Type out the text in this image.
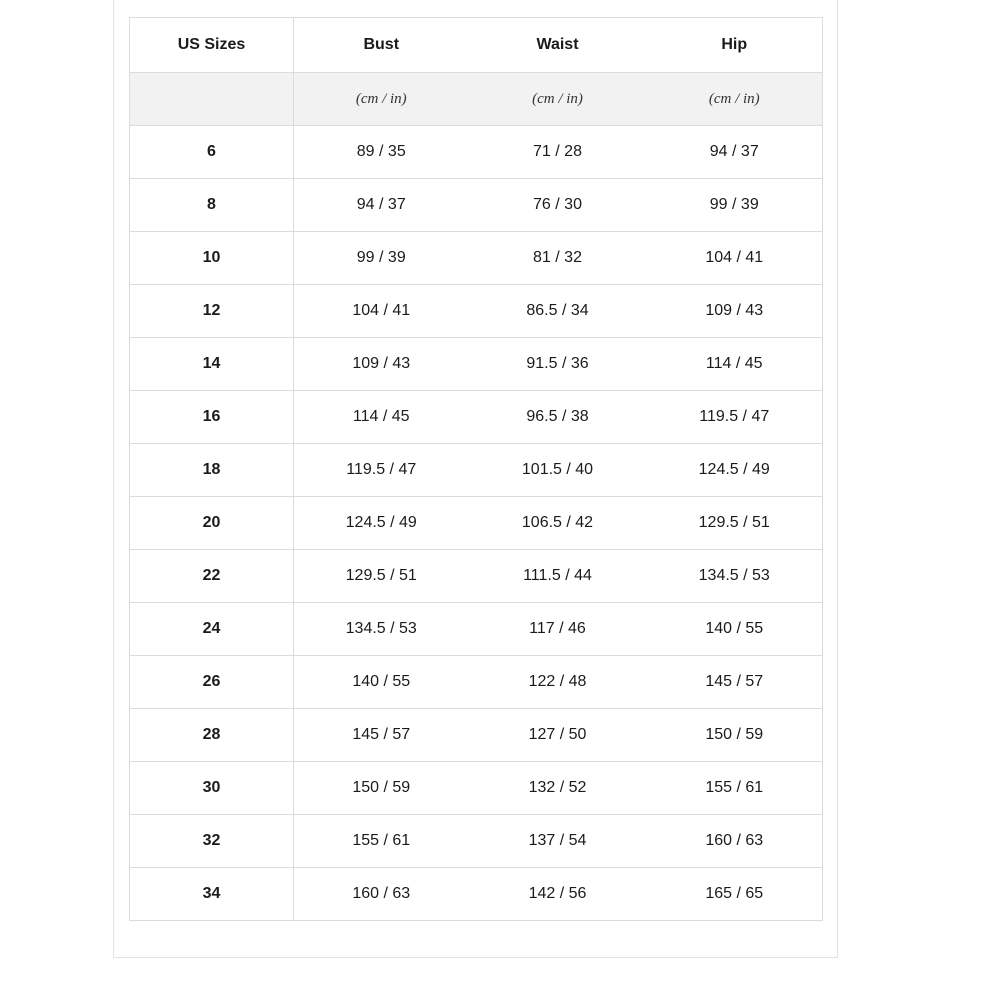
US Sizes	Bust	Waist	Hip
	(cm / in)	(cm / in)	(cm / in)
6	89 / 35	71 / 28	94 / 37
8	94 / 37	76 / 30	99 / 39
10	99 / 39	81 / 32	104 / 41
12	104 / 41	86.5 / 34	109 / 43
14	109 / 43	91.5 / 36	114 / 45
16	114 / 45	96.5 / 38	119.5 / 47
18	119.5 / 47	101.5 / 40	124.5 / 49
20	124.5 / 49	106.5 / 42	129.5 / 51
22	129.5 / 51	111.5 / 44	134.5 / 53
24	134.5 / 53	117 / 46	140 / 55
26	140 / 55	122 / 48	145 / 57
28	145 / 57	127 / 50	150 / 59
30	150 / 59	132 / 52	155 / 61
32	155 / 61	137 / 54	160 / 63
34	160 / 63	142 / 56	165 / 65
